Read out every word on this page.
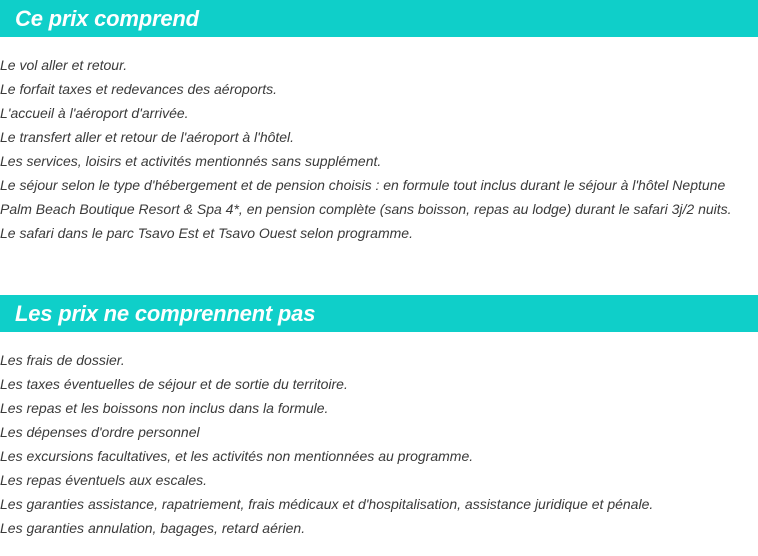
Ce prix comprend
Le vol aller et retour.
Le forfait taxes et redevances des aéroports.
L'accueil à l'aéroport d'arrivée.
Le transfert aller et retour de l'aéroport à l'hôtel.
Les services, loisirs et activités mentionnés sans supplément.
Le séjour selon le type d'hébergement et de pension choisis : en formule tout inclus durant le séjour à l'hôtel Neptune
Palm Beach Boutique Resort & Spa 4*, en pension complète (sans boisson, repas au lodge) durant le safari 3j/2 nuits.
Le safari dans le parc Tsavo Est et Tsavo Ouest selon programme.
Les prix ne comprennent pas
Les frais de dossier.
Les taxes éventuelles de séjour et de sortie du territoire.
Les repas et les boissons non inclus dans la formule.
Les dépenses d'ordre personnel
Les excursions facultatives, et les activités non mentionnées au programme.
Les repas éventuels aux escales.
Les garanties assistance, rapatriement, frais médicaux et d'hospitalisation, assistance juridique et pénale.
Les garanties annulation, bagages, retard aérien.
